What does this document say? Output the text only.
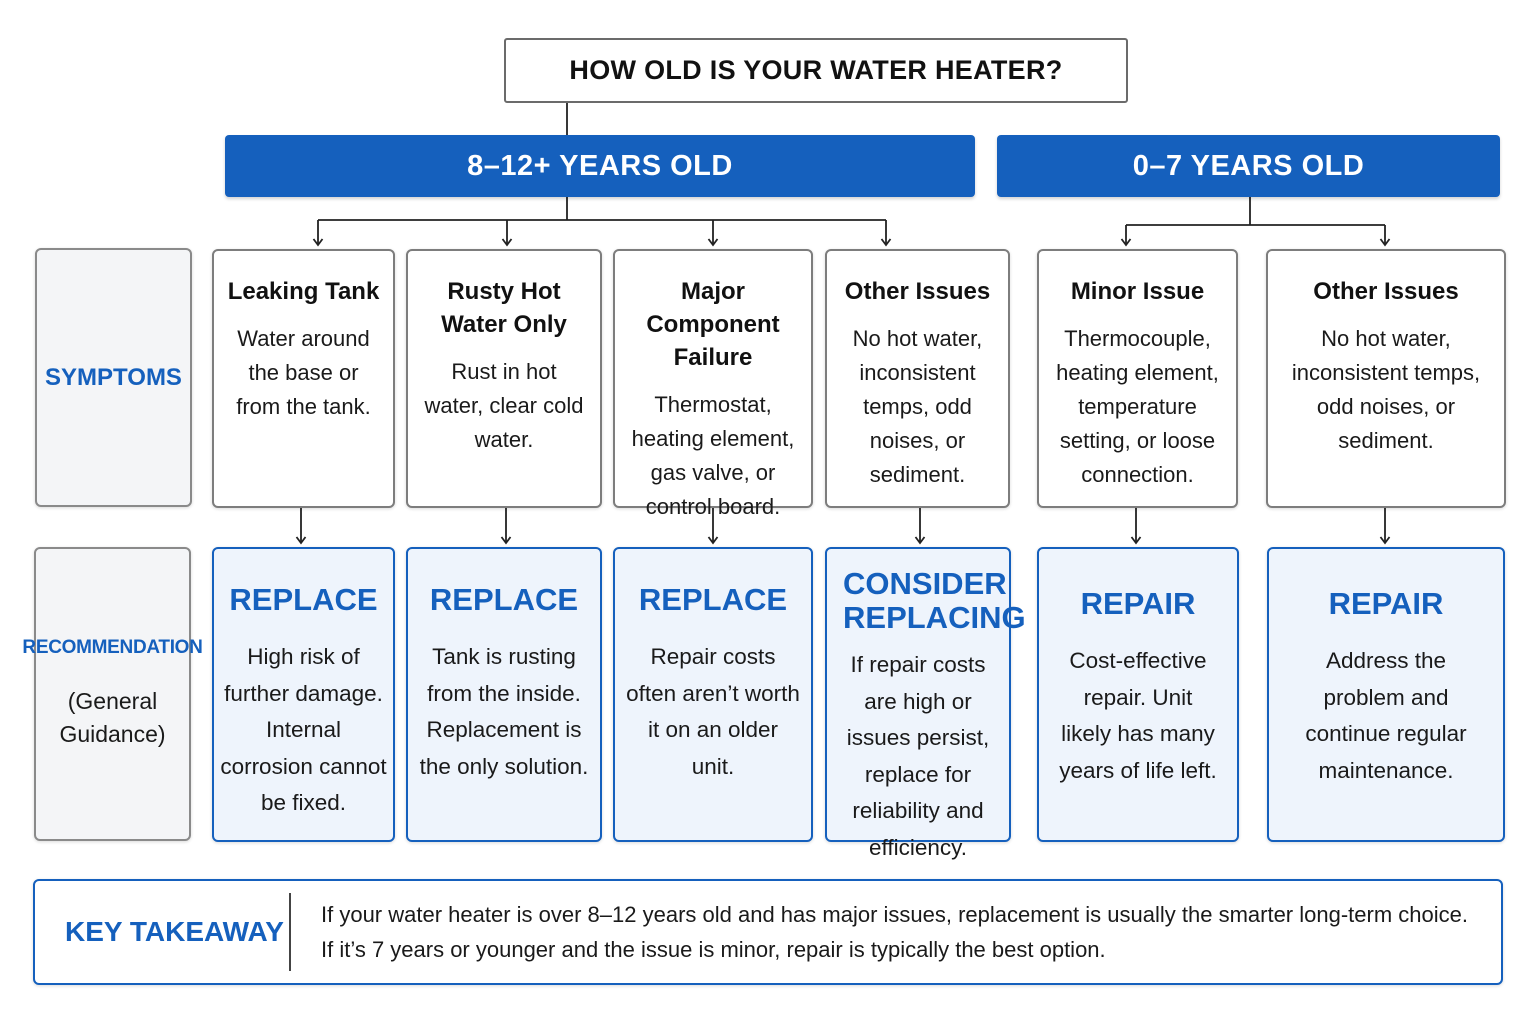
HOW OLD IS YOUR WATER HEATER?
8–12+ YEARS OLD	0–7 YEARS OLD
SYMPTOMS
RECOMMENDATION
(General Guidance)
Leaking Tank
Water around the base or from the tank.
Rusty Hot Water Only
Rust in hot water, clear cold water.
Major Component Failure
Thermostat, heating element, gas valve, or control board.
Other Issues
No hot water, inconsistent temps, odd noises, or sediment.
Minor Issue
Thermocouple, heating element, temperature setting, or loose connection.
Other Issues
No hot water, inconsistent temps, odd noises, or sediment.
REPLACE
High risk of further damage. Internal corrosion cannot be fixed.
REPLACE
Tank is rusting from the inside. Replacement is the only solution.
REPLACE
Repair costs often aren’t worth it on an older unit.
CONSIDER REPLACING
If repair costs are high or issues persist, replace for reliability and efficiency.
REPAIR
Cost-effective repair. Unit likely has many years of life left.
REPAIR
Address the problem and continue regular maintenance.
KEY TAKEAWAY
If your water heater is over 8–12 years old and has major issues, replacement is usually the smarter long-term choice.
If it’s 7 years or younger and the issue is minor, repair is typically the best option.
